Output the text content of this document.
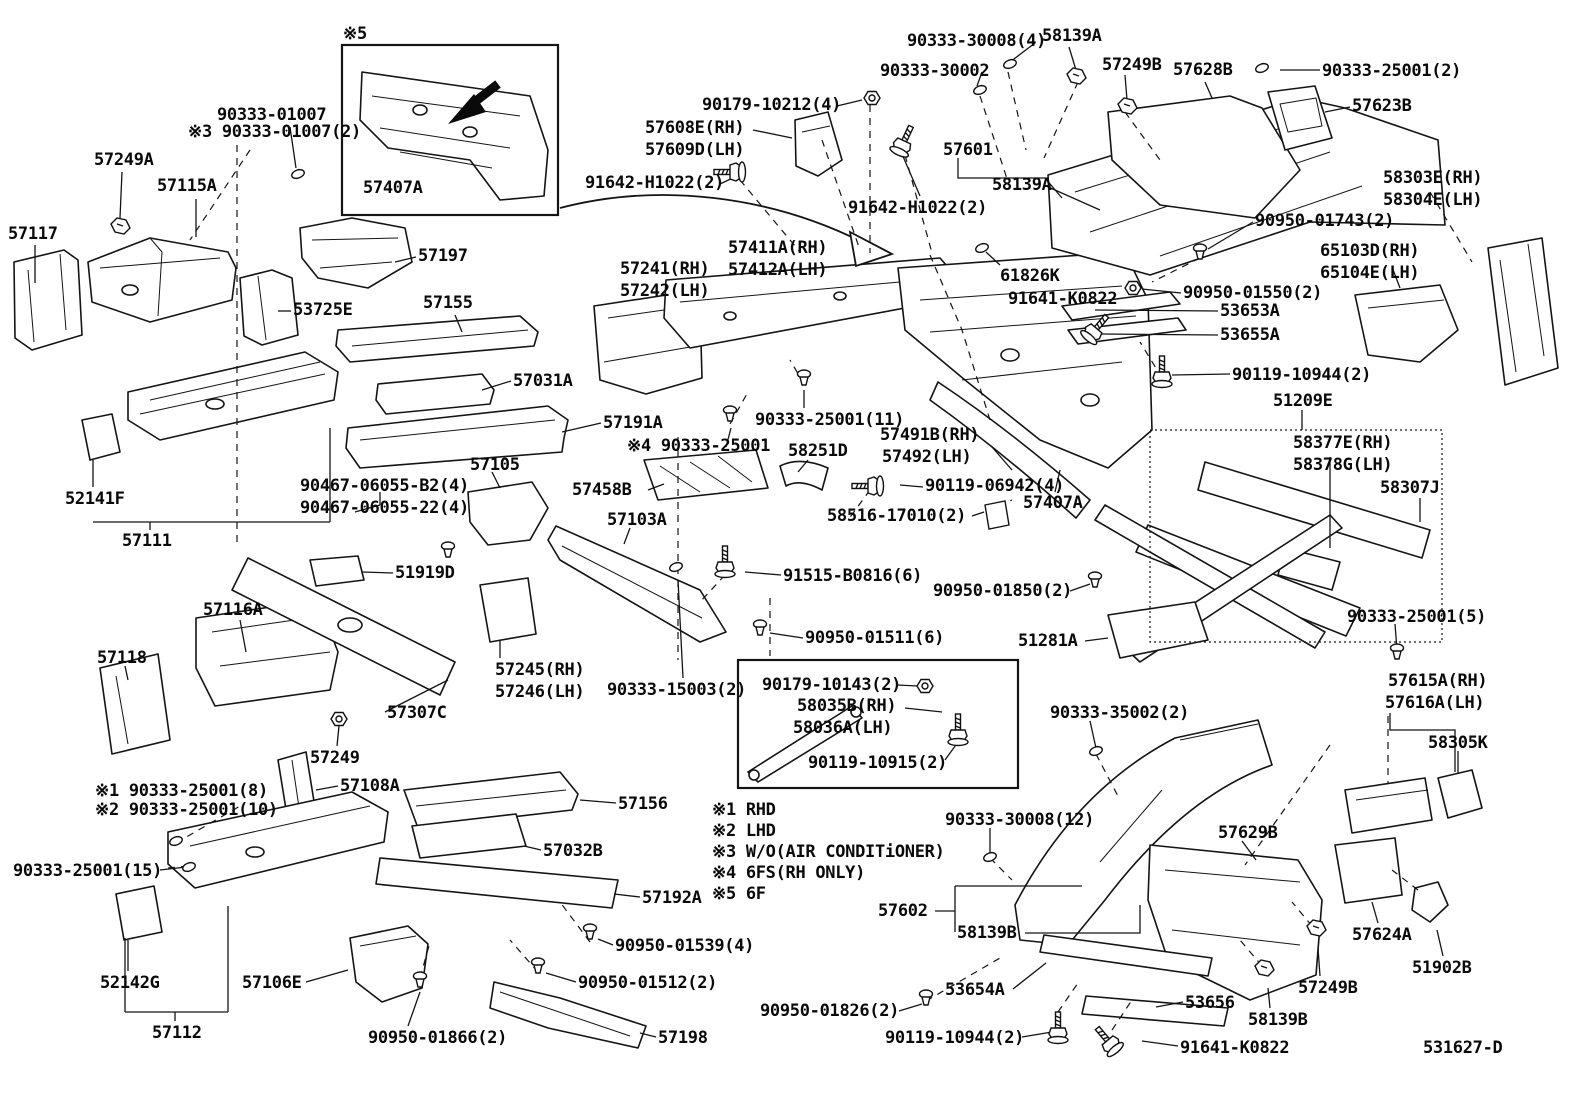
※5
57407A
90333-01007
※3 90333-01007(2)
57249A
57115A
57117
57197
53725E	57155
57031A
57191A
※4 90333-25001
90333-25001(11)
57241(RH)
57242(LH)
57411A(RH)
57412A(LH)
90179-10212(4)
57608E(RH)
57609D(LH)
91642-H1022(2)
91642-H1022(2)
90333-30008(4)
58139A
90333-30002	57249B 57628B	90333-25001(2)
57623B
57601
58139A	58303E(RH)
58304E(LH)
90950-01743(2)
65103D(RH)
65104E(LH)
61826K
91641-K0822	90950-01550(2)
53653A
53655A
90119-10944(2)
51209E
58377E(RH)
58378G(LH)
58307J
52141F
57111
90467-06055-B2(4)
90467-06055-22(4)
57105
57458B
57103A
58251D
57491B(RH)
57492(LH)
90119-06942(4)
57407A
58516-17010(2)
91515-B0816(6)
90950-01850(2)
51919D
90950-01511(6)
57116A
57118
57245(RH)
57246(LH) 90333-15003(2)
57307C
51281A
90333-25001(5)
90179-10143(2)
58035B(RH)
58036A(LH)
90119-10915(2)
90333-35002(2)
57615A(RH)
57616A(LH)
58305K
57249
57108A
※1 90333-25001(8)
※2 90333-25001(10)	57156
90333-30008(12)
57629B
90333-25001(15)
57032B
57192A
57602
58139B
90950-01539(4)
90950-01512(2)
52142G	57106E	53654A
90950-01826(2)	53656
58139B
57624A
57249B
51902B
57112	90119-10944(2)	91641-K0822
90950-01866(2)	57198	531627-D
※1 RHD
※2 LHD
※3 W/O(AIR CONDITiONER)
※4 6FS(RH ONLY)
※5 6F
